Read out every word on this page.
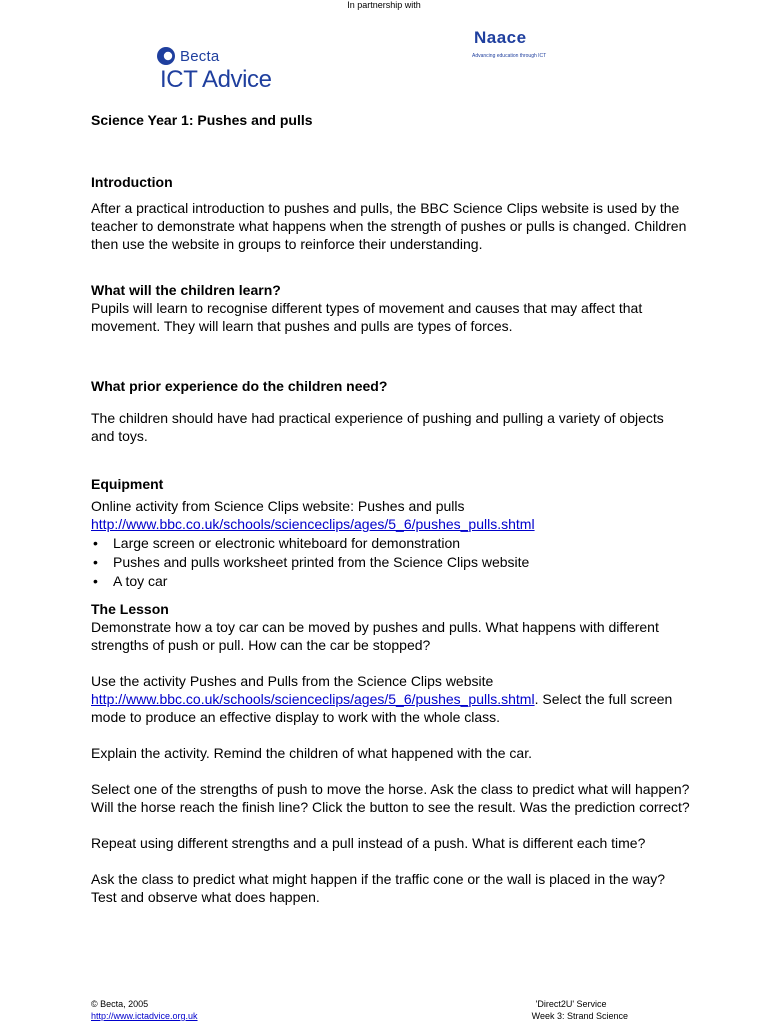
In partnership with
Becta
ICT Advice
Naace
Advancing education through ICT
Science Year 1: Pushes and pulls
Introduction

After a practical introduction to pushes and pulls, the BBC Science Clips website is used by the teacher to demonstrate what happens when the strength of pushes or pulls is changed. Children then use the website in groups to reinforce their understanding.

What will the children learn?

Pupils will learn to recognise different types of movement and causes that may affect that movement. They will learn that pushes and pulls are types of forces.

What prior experience do the children need?

The children should have had practical experience of pushing and pulling a variety of objects and toys.

Equipment

Online activity from Science Clips website: Pushes and pulls

http://www.bbc.co.uk/schools/scienceclips/ages/5_6/pushes_pulls.shtml

• Large screen or electronic whiteboard for demonstration
• Pushes and pulls worksheet printed from the Science Clips website
• A toy car
The Lesson

Demonstrate how a toy car can be moved by pushes and pulls. What happens with different strengths of push or pull. How can the car be stopped?

Use the activity Pushes and Pulls from the Science Clips website http://www.bbc.co.uk/schools/scienceclips/ages/5_6/pushes_pulls.shtml. Select the full screen mode to produce an effective display to work with the whole class.

Explain the activity. Remind the children of what happened with the car.

Select one of the strengths of push to move the horse. Ask the class to predict what will happen? Will the horse reach the finish line? Click the button to see the result. Was the prediction correct?

Repeat using different strengths and a pull instead of a push. What is different each time?

Ask the class to predict what might happen if the traffic cone or the wall is placed in the way? Test and observe what does happen.

© Becta, 2005
http://www.ictadvice.org.uk
'Direct2U' Service
Week 3: Strand Science
